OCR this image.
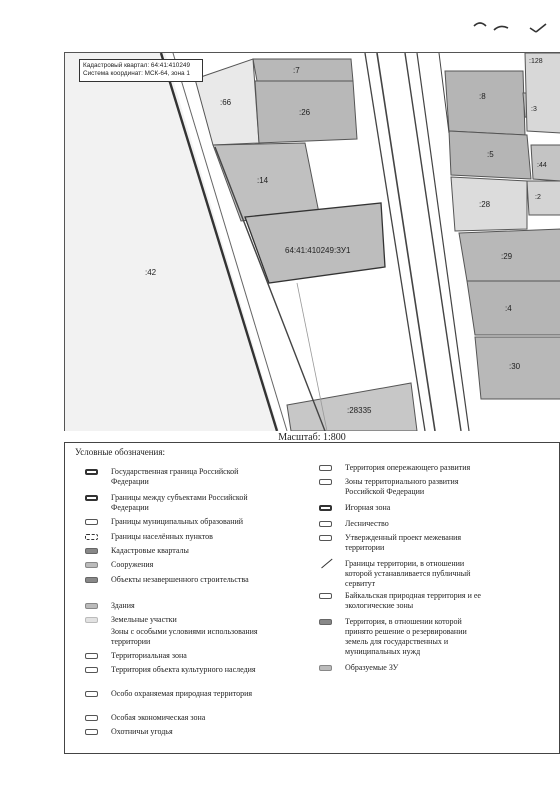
Кадастровый квартал: 64:41:410249
Система координат: МСК-64, зона 1	:7
:66
:26
:14
64:41:410249:ЗУ1
:42
:28335
:8
:3
:128
:5
:44
:28
:2
:29
:4
:30
Масштаб: 1:800
Условные обозначения:
Государственная граница Российской Федерации
Границы между субъектами Российской Федерации
Границы муниципальных образований
Границы населённых пунктов
Кадастровые кварталы
Сооружения
Объекты незавершенного строительства
Здания
Земельные участки
Зоны с особыми условиями использования территории
Территориальная зона
Территория объекта культурного наследия
Особо охраняемая природная территория
Особая экономическая зона
Охотничьи угодья
Территория опережающего развития
Зоны территориального развития Российской Федерации
Игорная зона
Лесничество
Утвержденный проект межевания территории
Границы территории, в отношении которой устанавливается публичный сервитут
Байкальская природная территория и ее экологические зоны
Территория, в отношении которой принято решение о резервировании земель для государственных и муниципальных нужд
Образуемые ЗУ
